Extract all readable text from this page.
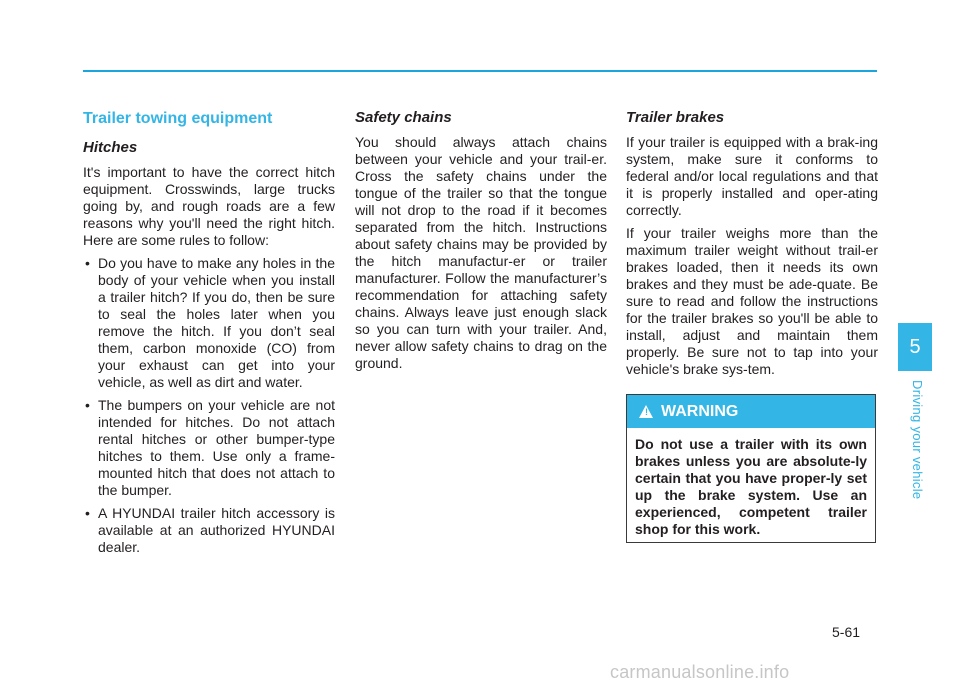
Trailer towing equipment
Hitches
It's important to have the correct hitch equipment. Crosswinds, large trucks going by, and rough roads are a few reasons why you'll need the right hitch. Here are some rules to follow:
• Do you have to make any holes in the body of your vehicle when you install a trailer hitch? If you do, then be sure to seal the holes later when you remove the hitch. If you don’t seal them, carbon monoxide (CO) from your exhaust can get into your vehicle, as well as dirt and water.
• The bumpers on your vehicle are not intended for hitches. Do not attach rental hitches or other bumper-type hitches to them. Use only a frame-mounted hitch that does not attach to the bumper.
• A HYUNDAI trailer hitch accessory is available at an authorized HYUNDAI dealer.
Safety chains
You should always attach chains between your vehicle and your trail-er. Cross the safety chains under the tongue of the trailer so that the tongue will not drop to the road if it becomes separated from the hitch. Instructions about safety chains may be provided by the hitch manufactur-er or trailer manufacturer. Follow the manufacturer’s recommendation for attaching safety chains. Always leave just enough slack so you can turn with your trailer. And, never allow safety chains to drag on the ground.
Trailer brakes
If your trailer is equipped with a brak-ing system, make sure it conforms to federal and/or local regulations and that it is properly installed and oper-ating correctly.
If your trailer weighs more than the maximum trailer weight without trail-er brakes loaded, then it needs its own brakes and they must be ade-quate. Be sure to read and follow the instructions for the trailer brakes so you'll be able to install, adjust and maintain them properly. Be sure not to tap into your vehicle's brake sys-tem.
! WARNING
Do not use a trailer with its own brakes unless you are absolute-ly certain that you have proper-ly set up the brake system. Use an experienced, competent trailer shop for this work.
5
Driving your vehicle
5-61
carmanualsonline.info
